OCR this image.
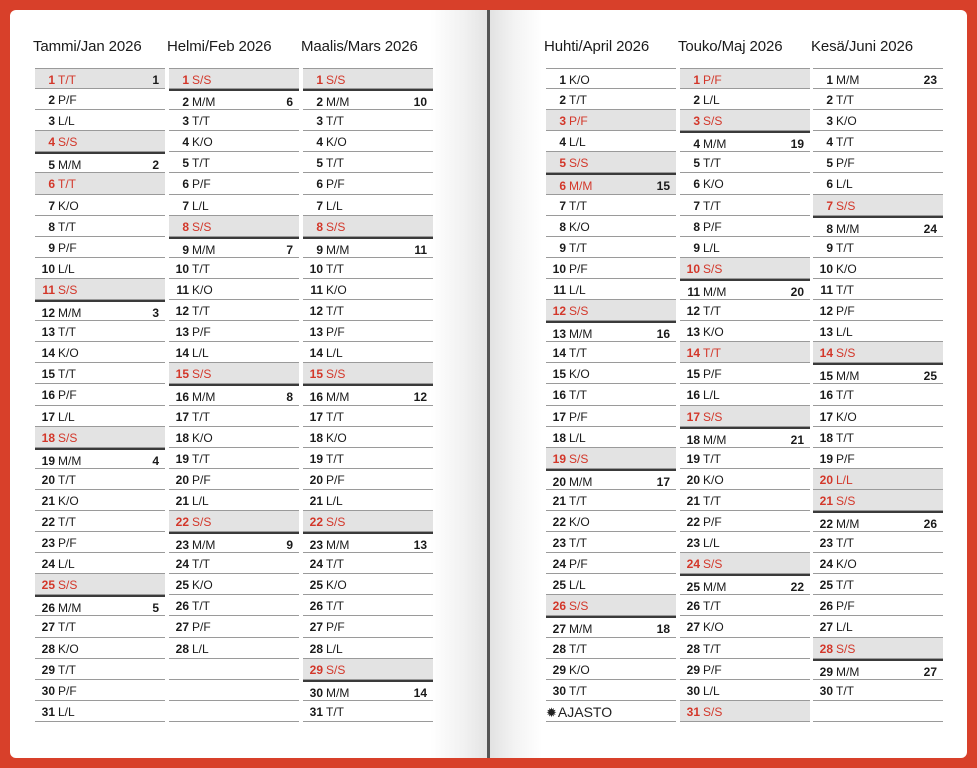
Tammi/Jan 2026
1 T/T	1
2 P/F
3 L/L
4 S/S
5 M/M	2
6 T/T
7 K/O
8 T/T
9 P/F
10 L/L
11 S/S
12 M/M	3
13 T/T
14 K/O
15 T/T
16 P/F
17 L/L
18 S/S
19 M/M	4
20 T/T
21 K/O
22 T/T
23 P/F
24 L/L
25 S/S
26 M/M	5
27 T/T
28 K/O
29 T/T
30 P/F
31 L/L
Helmi/Feb 2026
1 S/S
2 M/M	6
3 T/T
4 K/O
5 T/T
6 P/F
7 L/L
8 S/S
9 M/M	7
10 T/T
11 K/O
12 T/T
13 P/F
14 L/L
15 S/S
16 M/M	8
17 T/T
18 K/O
19 T/T
20 P/F
21 L/L
22 S/S
23 M/M	9
24 T/T
25 K/O
26 T/T
27 P/F
28 L/L
Maalis/Mars 2026
1 S/S
2 M/M	10
3 T/T
4 K/O
5 T/T
6 P/F
7 L/L
8 S/S
9 M/M	11
10 T/T
11 K/O
12 T/T
13 P/F
14 L/L
15 S/S
16 M/M	12
17 T/T
18 K/O
19 T/T
20 P/F
21 L/L
22 S/S
23 M/M	13
24 T/T
25 K/O
26 T/T
27 P/F
28 L/L
29 S/S
30 M/M	14
31 T/T
Huhti/April 2026
1 K/O
2 T/T
3 P/F
4 L/L
5 S/S
6 M/M	15
7 T/T
8 K/O
9 T/T
10 P/F
11 L/L
12 S/S
13 M/M	16
14 T/T
15 K/O
16 T/T
17 P/F
18 L/L
19 S/S
20 M/M	17
21 T/T
22 K/O
23 T/T
24 P/F
25 L/L
26 S/S
27 M/M	18
28 T/T
29 K/O
30 T/T
✹AJASTO
Touko/Maj 2026
1 P/F
2 L/L
3 S/S
4 M/M	19
5 T/T
6 K/O
7 T/T
8 P/F
9 L/L
10 S/S
11 M/M	20
12 T/T
13 K/O
14 T/T
15 P/F
16 L/L
17 S/S
18 M/M	21
19 T/T
20 K/O
21 T/T
22 P/F
23 L/L
24 S/S
25 M/M	22
26 T/T
27 K/O
28 T/T
29 P/F
30 L/L
31 S/S
Kesä/Juni 2026
1 M/M	23
2 T/T
3 K/O
4 T/T
5 P/F
6 L/L
7 S/S
8 M/M	24
9 T/T
10 K/O
11 T/T
12 P/F
13 L/L
14 S/S
15 M/M	25
16 T/T
17 K/O
18 T/T
19 P/F
20 L/L
21 S/S
22 M/M	26
23 T/T
24 K/O
25 T/T
26 P/F
27 L/L
28 S/S
29 M/M	27
30 T/T
